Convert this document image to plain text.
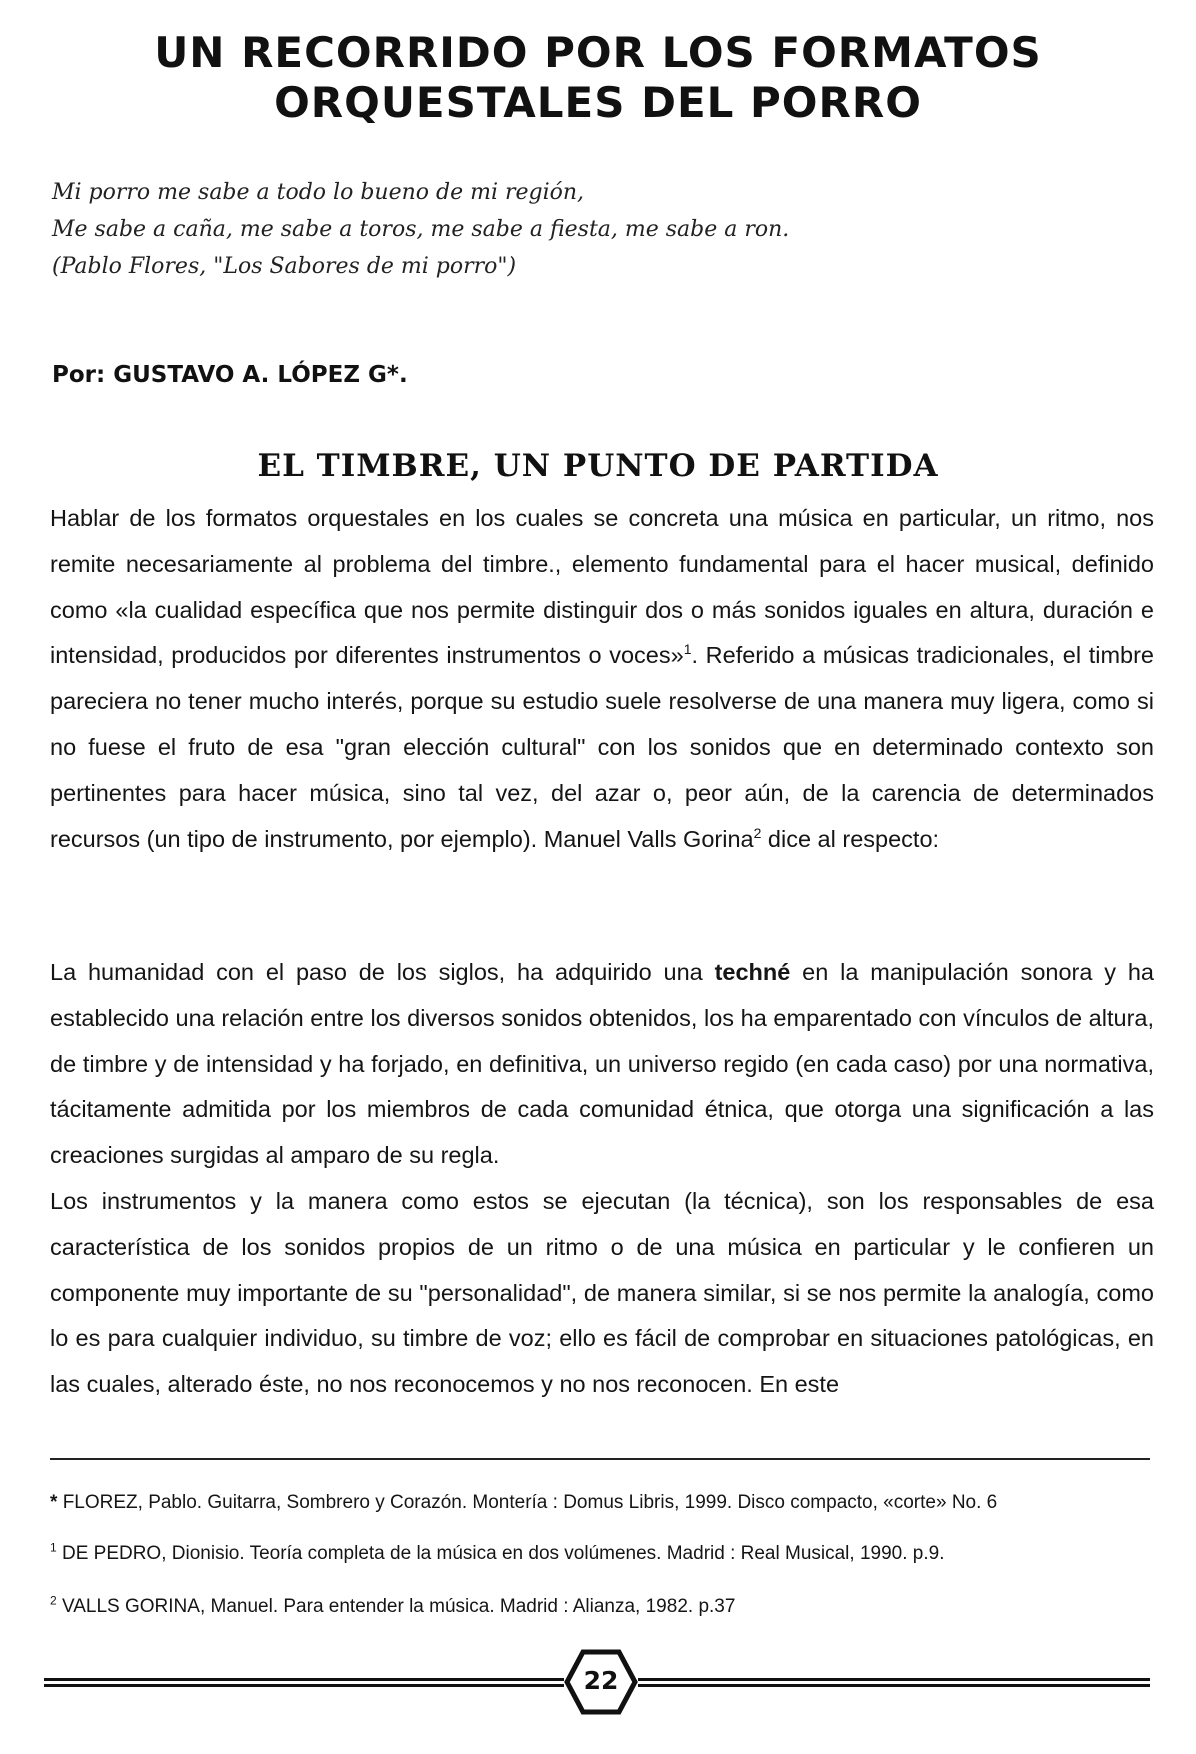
UN RECORRIDO POR LOS FORMATOS
ORQUESTALES DEL PORRO
Mi porro me sabe a todo lo bueno de mi región,
Me sabe a caña, me sabe a toros, me sabe a fiesta, me sabe a ron.
(Pablo Flores, "Los Sabores de mi porro")
Por: GUSTAVO A. LÓPEZ G*.
EL TIMBRE, UN PUNTO DE PARTIDA

Hablar de los formatos orquestales en los cuales se concreta una música en particular, un ritmo, nos remite necesariamente al problema del timbre., elemento fundamental para el hacer musical, definido como «la cualidad específica que nos permite distinguir dos o más sonidos iguales en altura, duración e intensidad, producidos por diferentes instrumentos o voces»$^1$. Referido a músicas tradicionales, el timbre pareciera no tener mucho interés, porque su estudio suele resolverse de una manera muy ligera, como si no fuese el fruto de esa "gran elección cultural" con los sonidos que en determinado contexto son pertinentes para hacer música, sino tal vez, del azar o, peor aún, de la carencia de determinados recursos (un tipo de instrumento, por ejemplo). Manuel Valls Gorina$^2$ dice al respecto:

La humanidad con el paso de los siglos, ha adquirido una techné en la manipulación sonora y ha establecido una relación entre los diversos sonidos obtenidos, los ha emparentado con vínculos de altura, de timbre y de intensidad y ha forjado, en definitiva, un universo regido (en cada caso) por una normativa, tácitamente admitida por los miembros de cada comunidad étnica, que otorga una significación a las creaciones surgidas al amparo de su regla.

Los instrumentos y la manera como estos se ejecutan (la técnica), son los responsables de esa característica de los sonidos propios de un ritmo o de una música en particular y le confieren un componente muy importante de su "personalidad", de manera similar, si se nos permite la analogía, como lo es para cualquier individuo, su timbre de voz; ello es fácil de comprobar en situaciones patológicas, en las cuales, alterado éste, no nos reconocemos y no nos reconocen. En este

* FLOREZ, Pablo. Guitarra, Sombrero y Corazón. Montería : Domus Libris, 1999. Disco compacto, «corte» No. 6
$^1$ DE PEDRO, Dionisio. Teoría completa de la música en dos volúmenes. Madrid : Real Musical, 1990. p.9.
$^2$ VALLS GORINA, Manuel. Para entender la música. Madrid : Alianza, 1982. p.37
22
